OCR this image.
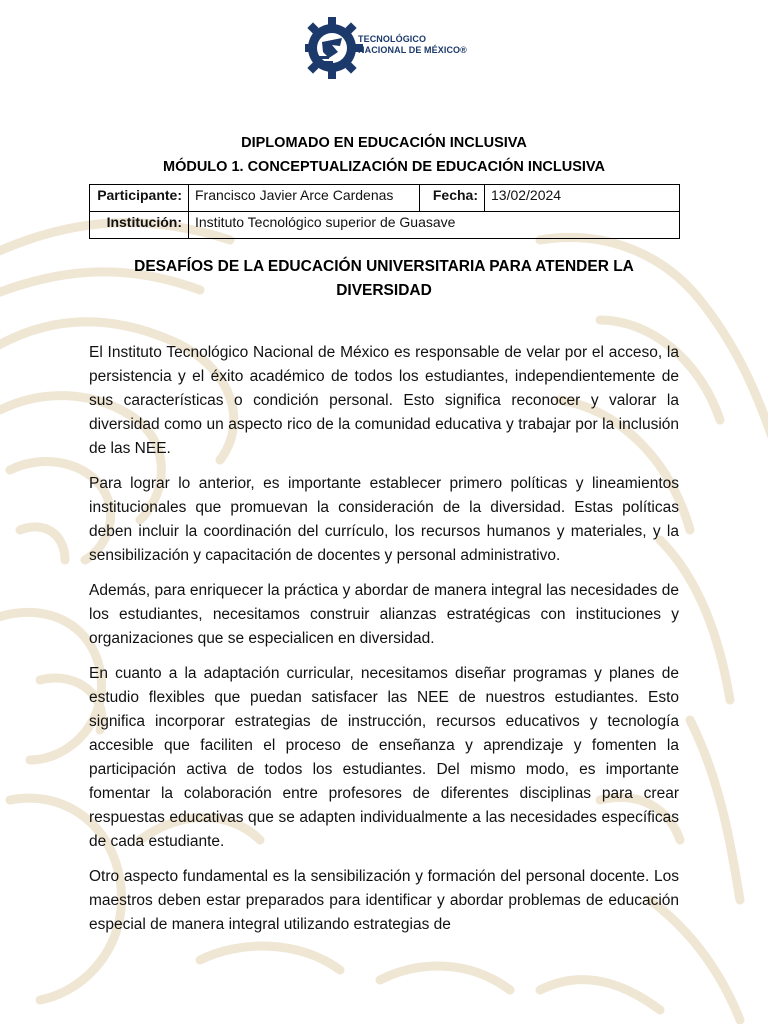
TECNOLÓGICO
NACIONAL DE MÉXICO®
DIPLOMADO EN EDUCACIÓN INCLUSIVA
MÓDULO 1. CONCEPTUALIZACIÓN DE EDUCACIÓN INCLUSIVA
Participante:	Francisco Javier Arce Cardenas	Fecha:	13/02/2024
Institución:	Instituto Tecnológico superior de Guasave		
DESAFÍOS DE LA EDUCACIÓN UNIVERSITARIA PARA ATENDER LA DIVERSIDAD

El Instituto Tecnológico Nacional de México es responsable de velar por el acceso, la persistencia y el éxito académico de todos los estudiantes, independientemente de sus características o condición personal. Esto significa reconocer y valorar la diversidad como un aspecto rico de la comunidad educativa y trabajar por la inclusión de las NEE.

Para lograr lo anterior, es importante establecer primero políticas y lineamientos institucionales que promuevan la consideración de la diversidad. Estas políticas deben incluir la coordinación del currículo, los recursos humanos y materiales, y la sensibilización y capacitación de docentes y personal administrativo.

Además, para enriquecer la práctica y abordar de manera integral las necesidades de los estudiantes, necesitamos construir alianzas estratégicas con instituciones y organizaciones que se especialicen en diversidad.

En cuanto a la adaptación curricular, necesitamos diseñar programas y planes de estudio flexibles que puedan satisfacer las NEE de nuestros estudiantes. Esto significa incorporar estrategias de instrucción, recursos educativos y tecnología accesible que faciliten el proceso de enseñanza y aprendizaje y fomenten la participación activa de todos los estudiantes. Del mismo modo, es importante fomentar la colaboración entre profesores de diferentes disciplinas para crear respuestas educativas que se adapten individualmente a las necesidades específicas de cada estudiante.

Otro aspecto fundamental es la sensibilización y formación del personal docente. Los maestros deben estar preparados para identificar y abordar problemas de educación especial de manera integral utilizando estrategias de
